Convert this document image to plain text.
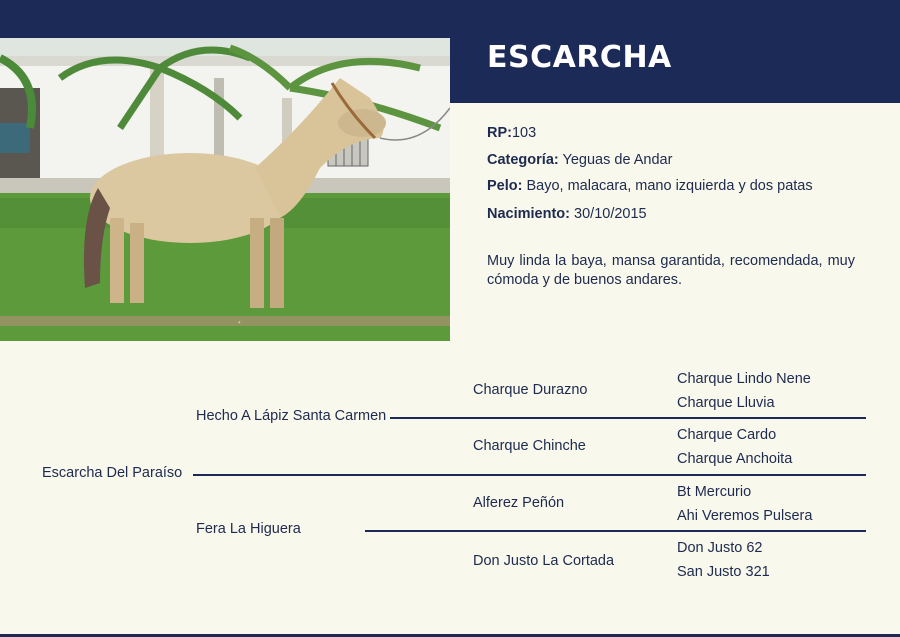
ESCARCHA
*
RP:103
Categoría: Yeguas de Andar
Pelo: Bayo, malacara, mano izquierda y dos patas
Nacimiento: 30/10/2015
Muy linda la baya, mansa garantida, recomendada, muy cómoda y de buenos andares.
Escarcha Del Paraíso
Hecho A Lápiz Santa Carmen
Fera La Higuera
Charque Durazno
Charque Chinche
Alferez Peñón
Don Justo La Cortada
Charque Lindo Nene
Charque Lluvia
Charque Cardo
Charque Anchoita
Bt Mercurio
Ahi Veremos Pulsera
Don Justo 62
San Justo 321
